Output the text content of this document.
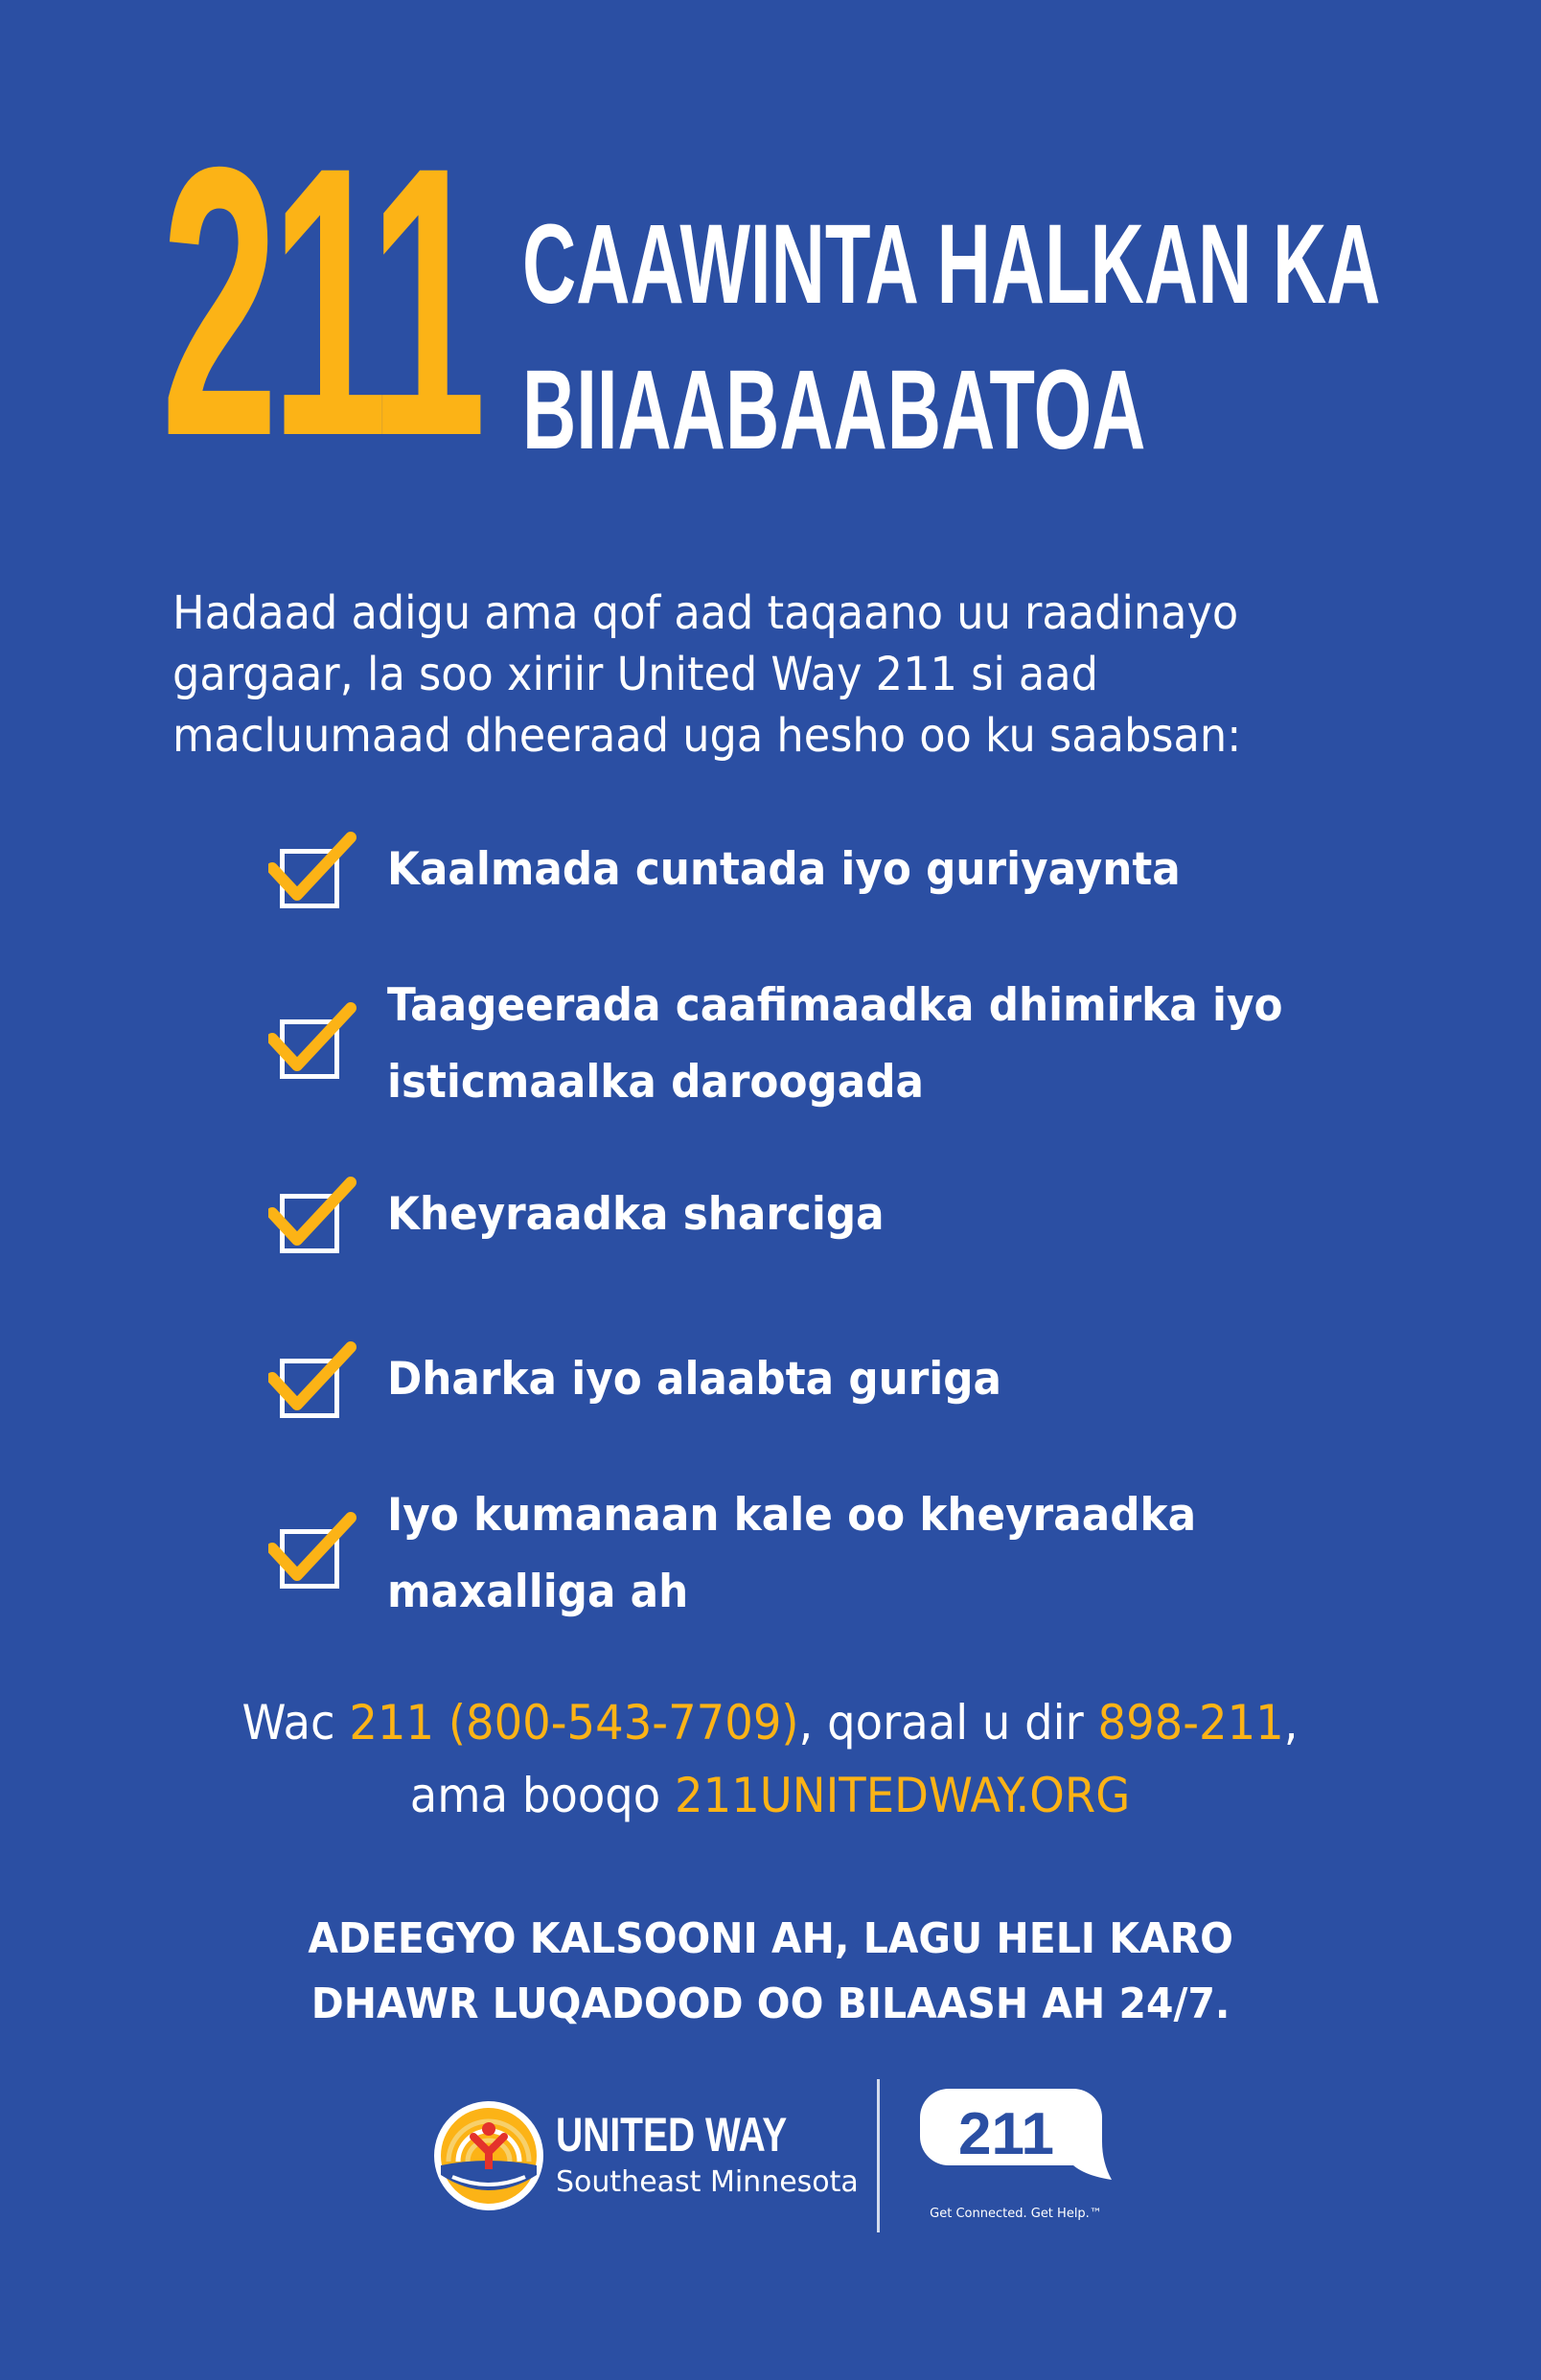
211 CAAWINTA HALKAN KA
BIIAABAABATOA
Hadaad adigu ama qof aad taqaano uu raadinayo
gargaar, la soo xiriir United Way 211 si aad
macluumaad dheeraad uga hesho oo ku saabsan:
Kaalmada cuntada iyo guriyaynta
Taageerada caafimaadka dhimirka iyo
isticmaalka daroogada
Kheyraadka sharciga
Dharka iyo alaabta guriga
Iyo kumanaan kale oo kheyraadka
maxalliga ah
Wac 211 (800-543-7709), qoraal u dir 898-211,
ama booqo 211UNITEDWAY.ORG
ADEEGYO KALSOONI AH, LAGU HELI KARO
DHAWR LUQADOOD OO BILAASH AH 24/7.
UNITED WAY
Southeast Minnesota
211
Get Connected. Get Help.™
